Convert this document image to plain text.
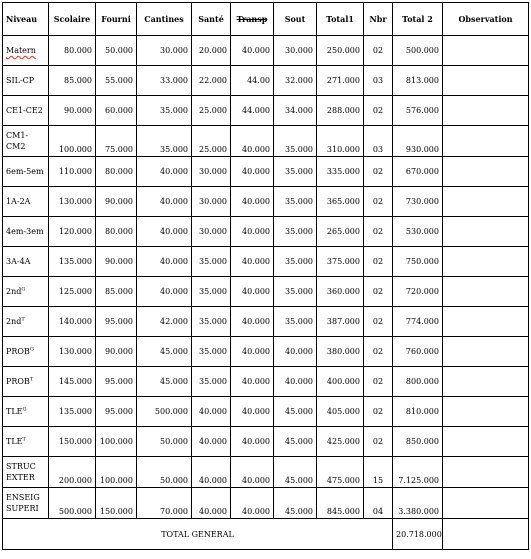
Niveau	Scolaire	Fourni	Cantines	Santé	Transp	Sout	Total1	Nbr	Total 2	Observation
Matern	80.000	50.000	30.000	20.000	40.000	30.000	250.000	02	500.000	
SIL-CP	85.000	55.000	33.000	22.000	44.00	32.000	271.000	03	813.000	
CE1-CE2	90.000	60.000	35.000	25.000	44.000	34.000	288.000	02	576.000	
CM1-CM2	100.000	75.000	35.000	25.000	40.000	35.000	310.000	03	930.000	
6em-5em	110.000	80.000	40.000	30.000	40.000	35.000	335.000	02	670.000	
1A-2A	130.000	90.000	40.000	30.000	40.000	35.000	365.000	02	730.000	
4em-3em	120.000	80.000	40.000	30.000	40.000	35.000	265.000	02	530.000	
3A-4A	135.000	90.000	40.000	35.000	40.000	35.000	375.000	02	750.000	
$2nd^G$	125.000	85.000	40.000	35.000	40.000	35.000	360.000	02	720.000	
$2nd^T$	140.000	95.000	42.000	35.000	40.000	35.000	387.000	02	774.000	
$PROB^G$	130.000	90.000	45.000	35.000	40.000	40.000	380.000	02	760.000	
$PROB^T$	145.000	95.000	45.000	35.000	40.000	40.000	400.000	02	800.000	
$TLE^G$	135.000	95.000	500.000	40.000	40.000	45.000	405.000	02	810.000	
$TLE^T$	150.000	100.000	50.000	40.000	40.000	45.000	425.000	02	850.000	
STRUC EXTER	200.000	100.000	50.000	40.000	40.000	45.000	475.000	15	7.125.000	
ENSEIG SUPERI	500.000	150.000	70.000	40.000	40.000	45.000	845.000	04	3.380.000	
TOTAL GENERAL									20.718.000	
